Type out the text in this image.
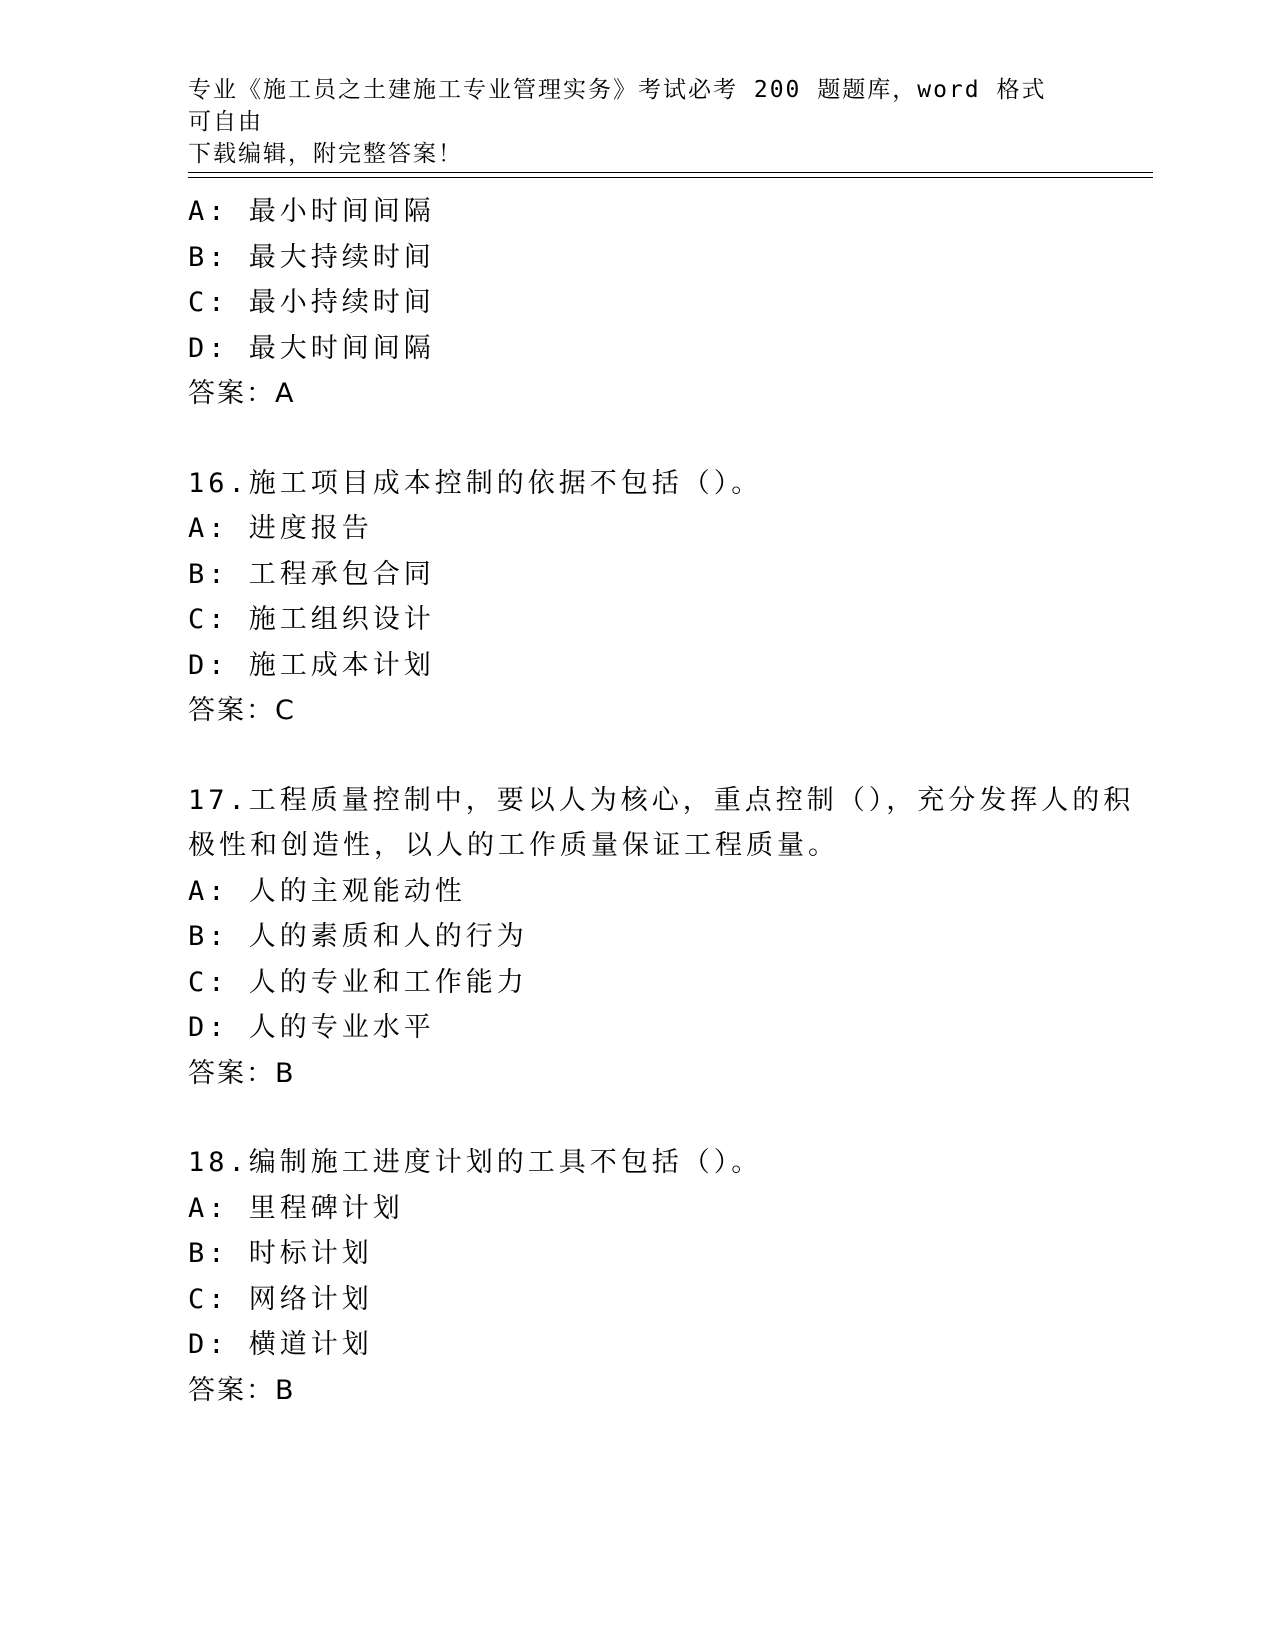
专业《施工员之土建施工专业管理实务》考试必考 200 题题库，word 格式可自由
下载编辑，附完整答案！
A: 最小时间间隔
B: 最大持续时间
C: 最小持续时间
D: 最大时间间隔
答案：A
16.施工项目成本控制的依据不包括（）。
A: 进度报告
B: 工程承包合同
C: 施工组织设计
D: 施工成本计划
答案：C
17.工程质量控制中，要以人为核心，重点控制（），充分发挥人的积
极性和创造性，以人的工作质量保证工程质量。
A: 人的主观能动性
B: 人的素质和人的行为
C: 人的专业和工作能力
D: 人的专业水平
答案：B
18.编制施工进度计划的工具不包括（）。
A: 里程碑计划
B: 时标计划
C: 网络计划
D: 横道计划
答案：B
